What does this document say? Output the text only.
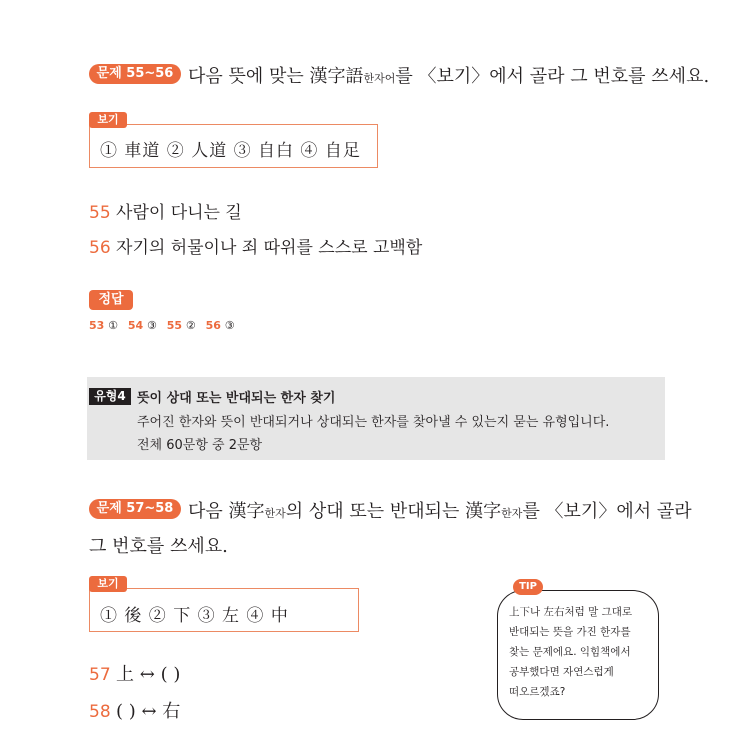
문제 55~56 다음 뜻에 맞는 漢字語한자어를 〈보기〉에서 골라 그 번호를 쓰세요.
보기
① 車道 ② 人道 ③ 自白 ④ 自足
55 사람이 다니는 길
56 자기의 허물이나 죄 따위를 스스로 고백함
정답
53 ① 54 ③ 55 ② 56 ③
유형4 뜻이 상대 또는 반대되는 한자 찾기
주어진 한자와 뜻이 반대되거나 상대되는 한자를 찾아낼 수 있는지 묻는 유형입니다.
전체 60문항 중 2문항
문제 57~58 다음 漢字한자의 상대 또는 반대되는 漢字한자를 〈보기〉에서 골라
그 번호를 쓰세요.
보기
① 後 ② 下 ③ 左 ④ 中
57 上 ↔ ( )
58 ( ) ↔ 右
TIP
上下나 左右처럼 말 그대로
반대되는 뜻을 가진 한자를
찾는 문제에요. 익힘책에서
공부했다면 자연스럽게
떠오르겠죠?
